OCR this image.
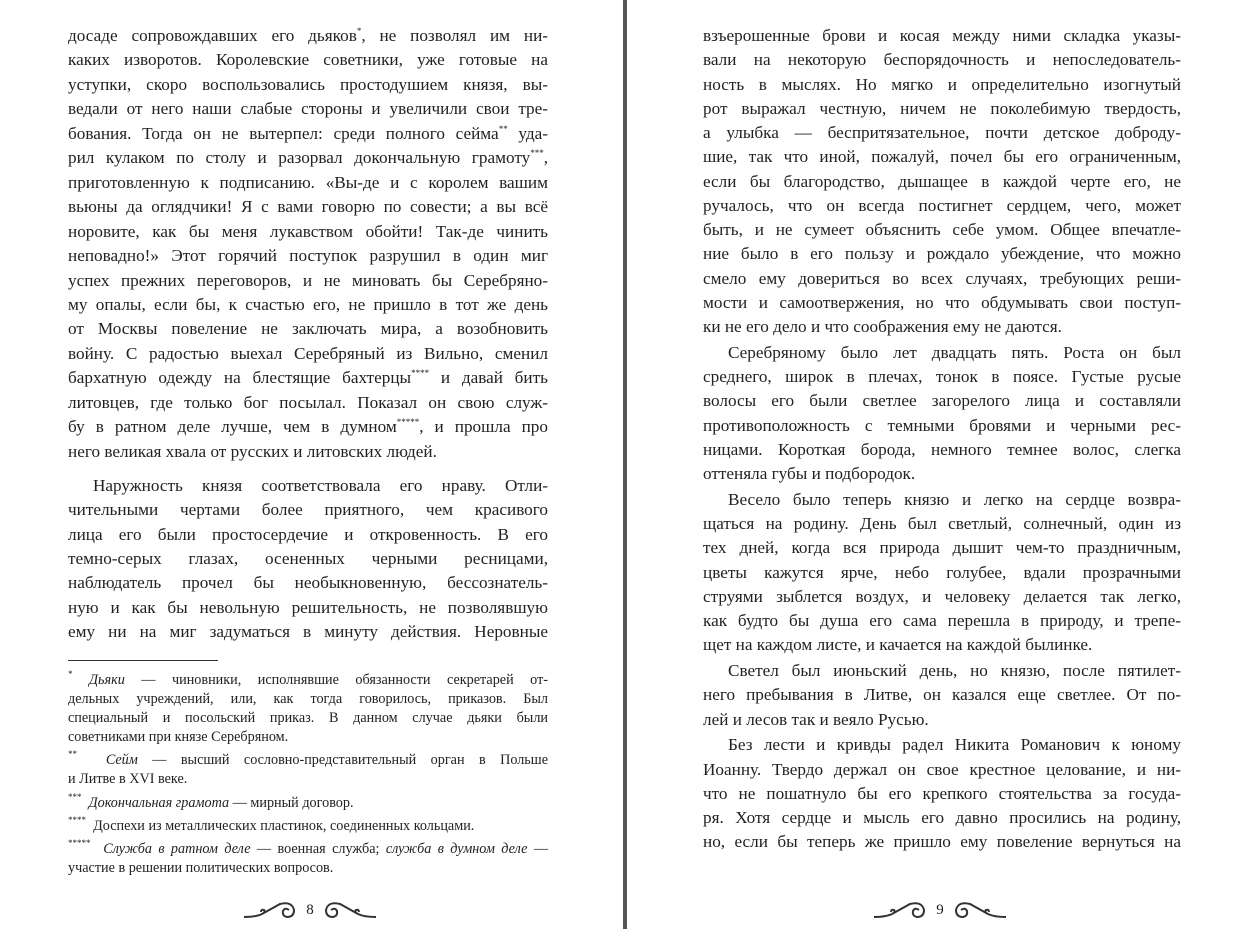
досаде сопровождавших его дьяков*, не позволял им ни-
каких изворотов. Королевские советники, уже готовые на
уступки, скоро воспользовались простодушием князя, вы-
ведали от него наши слабые стороны и увеличили свои тре-
бования. Тогда он не вытерпел: среди полного сейма** уда-
рил кулаком по столу и разорвал докончальную грамоту***,
приготовленную к подписанию. «Вы-де и с королем вашим
вьюны да оглядчики! Я с вами говорю по совести; а вы всё
норовите, как бы меня лукавством обойти! Так-де чинить
неповадно!» Этот горячий поступок разрушил в один миг
успех прежних переговоров, и не миновать бы Серебряно-
му опалы, если бы, к счастью его, не пришло в тот же день
от Москвы повеление не заключать мира, а возобновить
войну. С радостью выехал Серебряный из Вильно, сменил
бархатную одежду на блестящие бахтерцы**** и давай бить
литовцев, где только бог посылал. Показал он свою служ-
бу в ратном деле лучше, чем в думном*****, и прошла про
него великая хвала от русских и литовских людей.
Наружность князя соответствовала его нраву. Отли-
чительными чертами более приятного, чем красивого
лица его были простосердечие и откровенность. В его
темно-серых глазах, осененных черными ресницами,
наблюдатель прочел бы необыкновенную, бессознатель-
ную и как бы невольную решительность, не позволявшую
ему ни на миг задуматься в минуту действия. Неровные
* Дьяки — чиновники, исполнявшие обязанности секретарей от-
дельных учреждений, или, как тогда говорилось, приказов. Был
специальный и посольский приказ. В данном случае дьяки были
советниками при князе Серебряном.
** Сейм — высший сословно-представительный орган в Польше
и Литве в XVI веке.
*** Докончальная грамота — мирный договор.
****  Доспехи из металлических пластинок, соединенных кольцами.
***** Служба в ратном деле — военная служба; служба в думном деле —
участие в решении политических вопросов.
8
взъерошенные брови и косая между ними складка указы-
вали на некоторую беспорядочность и непоследователь-
ность в мыслях. Но мягко и определительно изогнутый
рот выражал честную, ничем не поколебимую твердость,
а улыбка — беспритязательное, почти детское доброду-
шие, так что иной, пожалуй, почел бы его ограниченным,
если бы благородство, дышащее в каждой черте его, не
ручалось, что он всегда постигнет сердцем, чего, может
быть, и не сумеет объяснить себе умом. Общее впечатле-
ние было в его пользу и рождало убеждение, что можно
смело ему довериться во всех случаях, требующих реши-
мости и самоотвержения, но что обдумывать свои поступ-
ки не его дело и что соображения ему не даются.
Серебряному было лет двадцать пять. Роста он был
среднего, широк в плечах, тонок в поясе. Густые русые
волосы его были светлее загорелого лица и составляли
противоположность с темными бровями и черными рес-
ницами. Короткая борода, немного темнее волос, слегка
оттеняла губы и подбородок.
Весело было теперь князю и легко на сердце возвра-
щаться на родину. День был светлый, солнечный, один из
тех дней, когда вся природа дышит чем-то праздничным,
цветы кажутся ярче, небо голубее, вдали прозрачными
струями зыблется воздух, и человеку делается так легко,
как будто бы душа его сама перешла в природу, и трепе-
щет на каждом листе, и качается на каждой былинке.
Светел был июньский день, но князю, после пятилет-
него пребывания в Литве, он казался еще светлее. От по-
лей и лесов так и веяло Русью.
Без лести и кривды радел Никита Романович к юному
Иоанну. Твердо держал он свое крестное целование, и ни-
что не пошатнуло бы его крепкого стоятельства за госуда-
ря. Хотя сердце и мысль его давно просились на родину,
но, если бы теперь же пришло ему повеление вернуться на
9
